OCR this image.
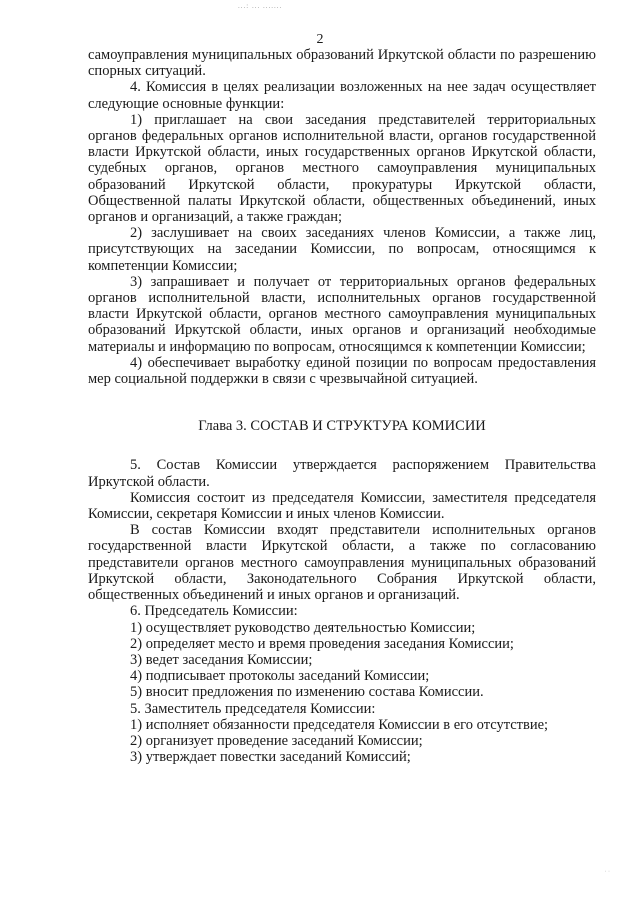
...: ... .......
2

самоуправления муниципальных образований Иркутской области по разрешению спорных ситуаций.

4. Комиссия в целях реализации возложенных на нее задач осуществляет следующие основные функции:

1) приглашает на свои заседания представителей территориальных органов федеральных органов исполнительной власти, органов государственной власти Иркутской области, иных государственных органов Иркутской области, судебных органов, органов местного самоуправления муниципальных образований Иркутской области, прокуратуры Иркутской области, Общественной палаты Иркутской области, общественных объединений, иных органов и организаций, а также граждан;

2) заслушивает на своих заседаниях членов Комиссии, а также лиц, присутствующих на заседании Комиссии, по вопросам, относящимся к компетенции Комиссии;

3) запрашивает и получает от территориальных органов федеральных органов исполнительной власти, исполнительных органов государственной власти Иркутской области, органов местного самоуправления муниципальных образований Иркутской области, иных органов и организаций необходимые материалы и информацию по вопросам, относящимся к компетенции Комиссии;

4) обеспечивает выработку единой позиции по вопросам предоставления мер социальной поддержки в связи с чрезвычайной ситуацией.

Глава 3. СОСТАВ И СТРУКТУРА КОМИСИИ

5. Состав Комиссии утверждается распоряжением Правительства Иркутской области.

Комиссия состоит из председателя Комиссии, заместителя председателя Комиссии, секретаря Комиссии и иных членов Комиссии.

В состав Комиссии входят представители исполнительных органов государственной власти Иркутской области, а также по согласованию представители органов местного самоуправления муниципальных образований Иркутской области, Законодательного Собрания Иркутской области, общественных объединений и иных органов и организаций.

6. Председатель Комиссии:

1) осуществляет руководство деятельностью Комиссии;

2) определяет место и время проведения заседания Комиссии;

3) ведет заседания Комиссии;

4) подписывает протоколы заседаний Комиссии;

5) вносит предложения по изменению состава Комиссии.

5. Заместитель председателя Комиссии:

1) исполняет обязанности председателя Комиссии в его отсутствие;

2) организует проведение заседаний Комиссии;

3) утверждает повестки заседаний Комиссий;

· ·
